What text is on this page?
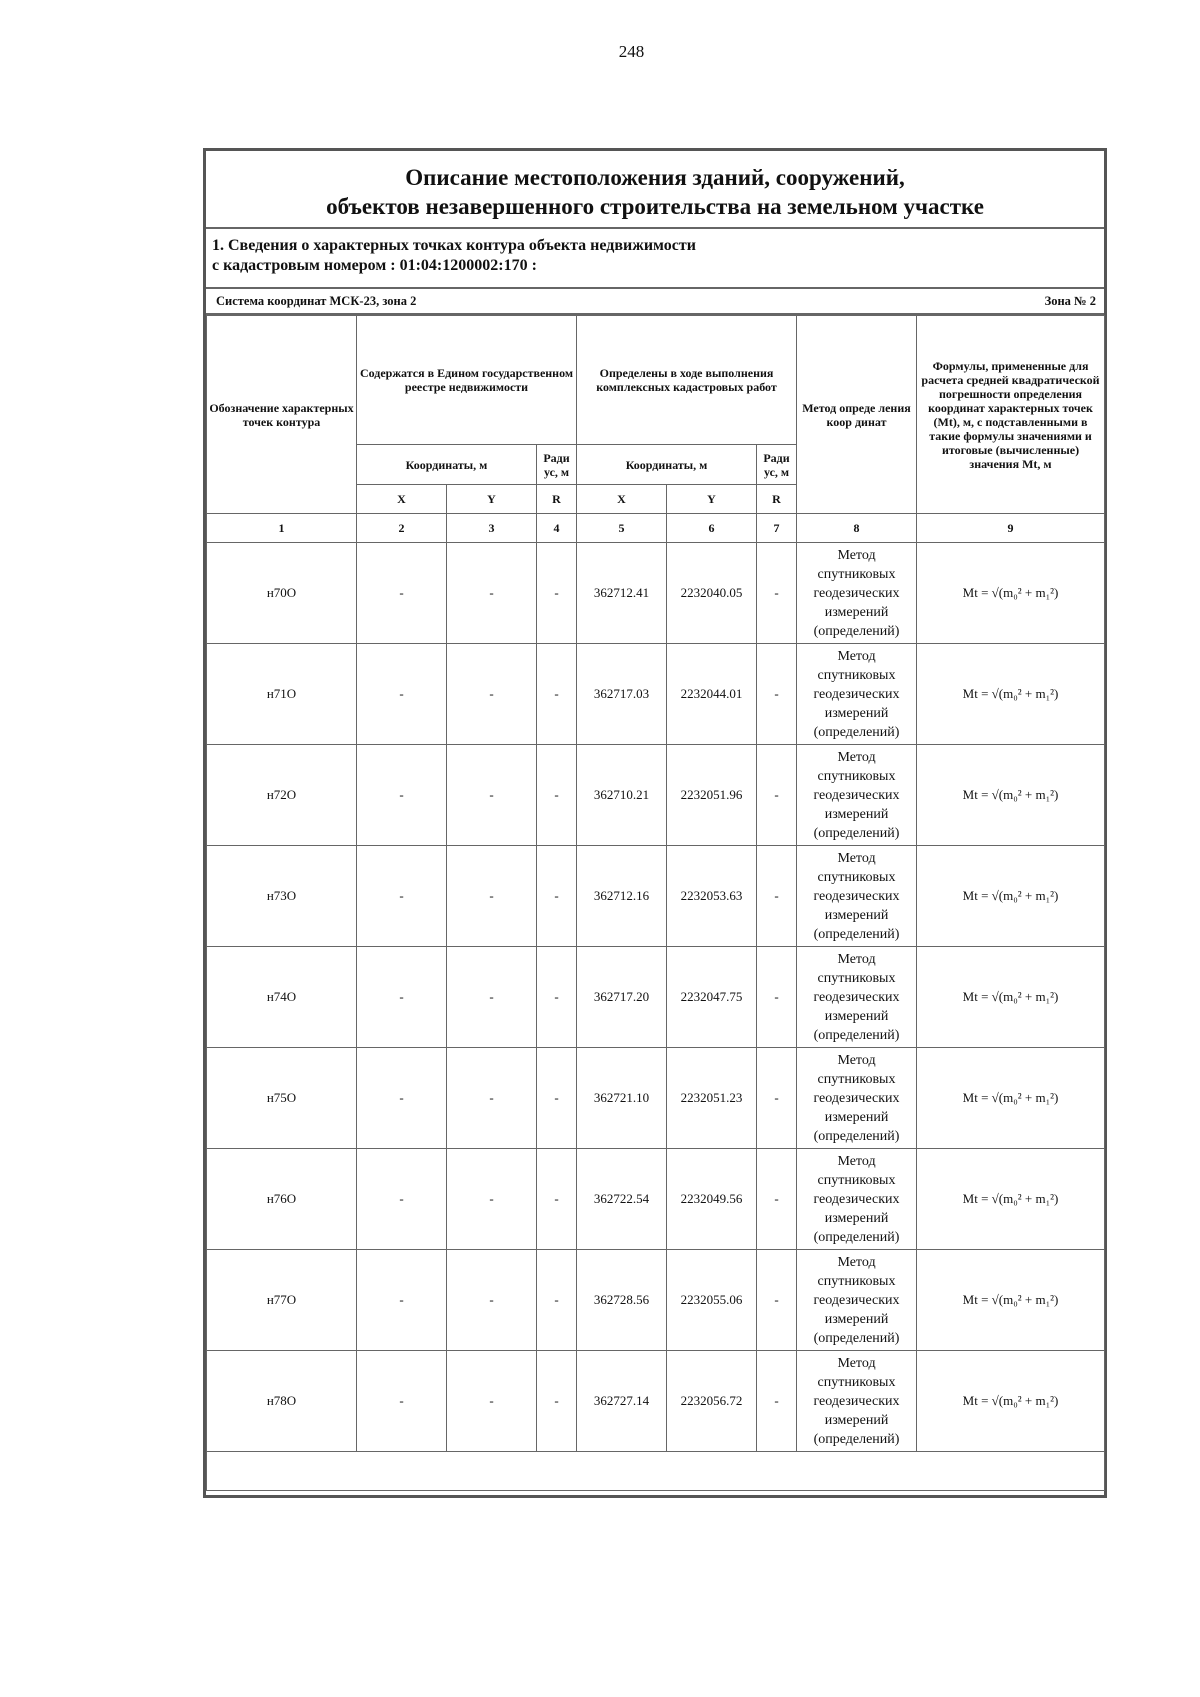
248
Описание местоположения зданий, сооружений,
объектов незавершенного строительства на земельном участке
1. Сведения о характерных точках контура объекта недвижимости
с кадастровым номером : 01:04:1200002:170 :
Система координат МСК-23, зона 2	Зона № 2
Обозначение характерных точек контура	Содержатся в Едином государственном реестре недвижимости			Определены в ходе выполнения комплексных кадастровых работ			Метод опреде ления коор динат	Формулы, примененные для расчета средней квадратической погрешности определения координат характерных точек (Mt), м, с подставленными в такие формулы значениями и итоговые (вычисленные) значения Mt, м
	Координаты, м		Ради ус, м	Координаты, м		Ради ус, м		
	X	Y	R	X	Y	R		
1	2	3	4	5	6	7	8	9
н70О	-	-	-	362712.41	2232040.05	-	Метод спутниковых геодезических измерений (определений)	Mt = √(m₀² + m₁²)
н71О	-	-	-	362717.03	2232044.01	-	Метод спутниковых геодезических измерений (определений)	Mt = √(m₀² + m₁²)
н72О	-	-	-	362710.21	2232051.96	-	Метод спутниковых геодезических измерений (определений)	Mt = √(m₀² + m₁²)
н73О	-	-	-	362712.16	2232053.63	-	Метод спутниковых геодезических измерений (определений)	Mt = √(m₀² + m₁²)
н74О	-	-	-	362717.20	2232047.75	-	Метод спутниковых геодезических измерений (определений)	Mt = √(m₀² + m₁²)
н75О	-	-	-	362721.10	2232051.23	-	Метод спутниковых геодезических измерений (определений)	Mt = √(m₀² + m₁²)
н76О	-	-	-	362722.54	2232049.56	-	Метод спутниковых геодезических измерений (определений)	Mt = √(m₀² + m₁²)
н77О	-	-	-	362728.56	2232055.06	-	Метод спутниковых геодезических измерений (определений)	Mt = √(m₀² + m₁²)
н78О	-	-	-	362727.14	2232056.72	-	Метод спутниковых геодезических измерений (определений)	Mt = √(m₀² + m₁²)
